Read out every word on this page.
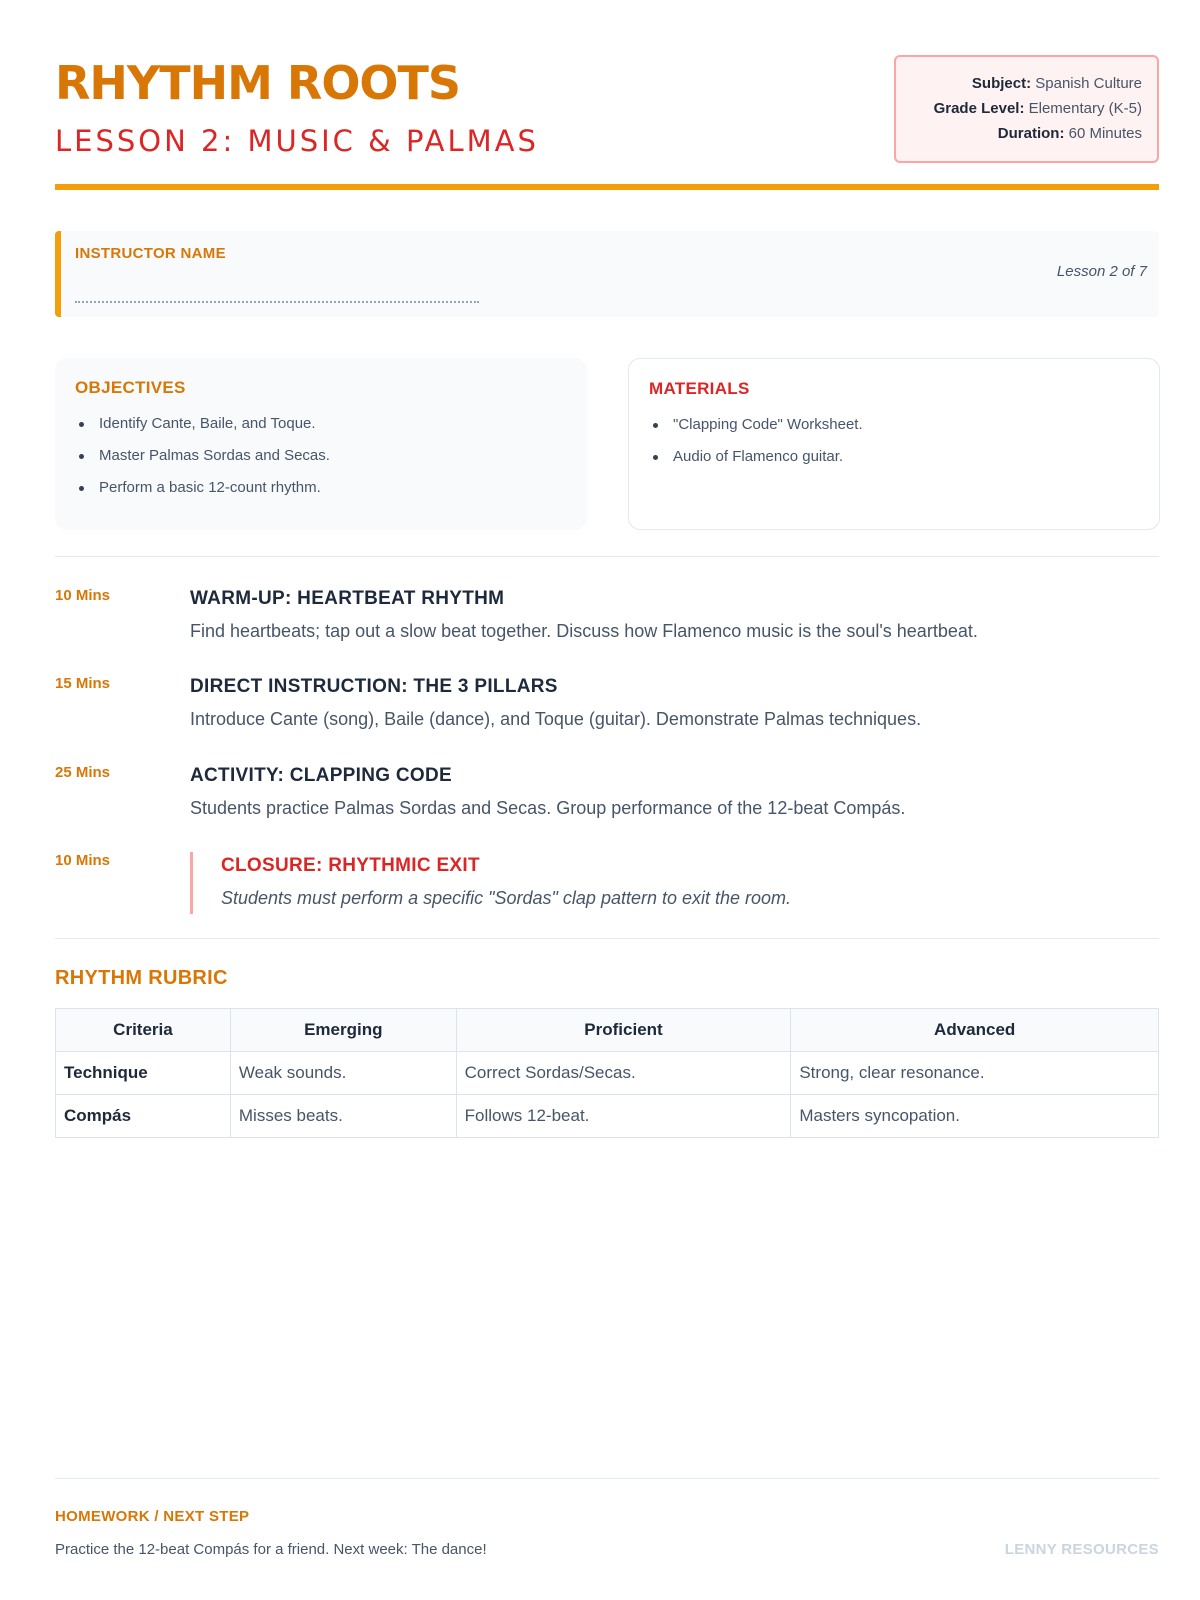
RHYTHM ROOTS
LESSON 2: MUSIC & PALMAS
Subject: Spanish Culture
Grade Level: Elementary (K-5)
Duration: 60 Minutes
INSTRUCTOR NAME
Lesson 2 of 7
OBJECTIVES
Identify Cante, Baile, and Toque.
Master Palmas Sordas and Secas.
Perform a basic 12-count rhythm.
MATERIALS
"Clapping Code" Worksheet.
Audio of Flamenco guitar.
10 Mins	WARM-UP: HEARTBEAT RHYTHM
Find heartbeats; tap out a slow beat together. Discuss how Flamenco music is the soul's heartbeat.
15 Mins	DIRECT INSTRUCTION: THE 3 PILLARS
Introduce Cante (song), Baile (dance), and Toque (guitar). Demonstrate Palmas techniques.
25 Mins	ACTIVITY: CLAPPING CODE
Students practice Palmas Sordas and Secas. Group performance of the 12-beat Compás.
10 Mins	CLOSURE: RHYTHMIC EXIT
Students must perform a specific "Sordas" clap pattern to exit the room.
RHYTHM RUBRIC
Criteria	Emerging	Proficient	Advanced
Technique	Weak sounds.	Correct Sordas/Secas.	Strong, clear resonance.
Compás	Misses beats.	Follows 12-beat.	Masters syncopation.
HOMEWORK / NEXT STEP
Practice the 12-beat Compás for a friend. Next week: The dance!	LENNY RESOURCES
